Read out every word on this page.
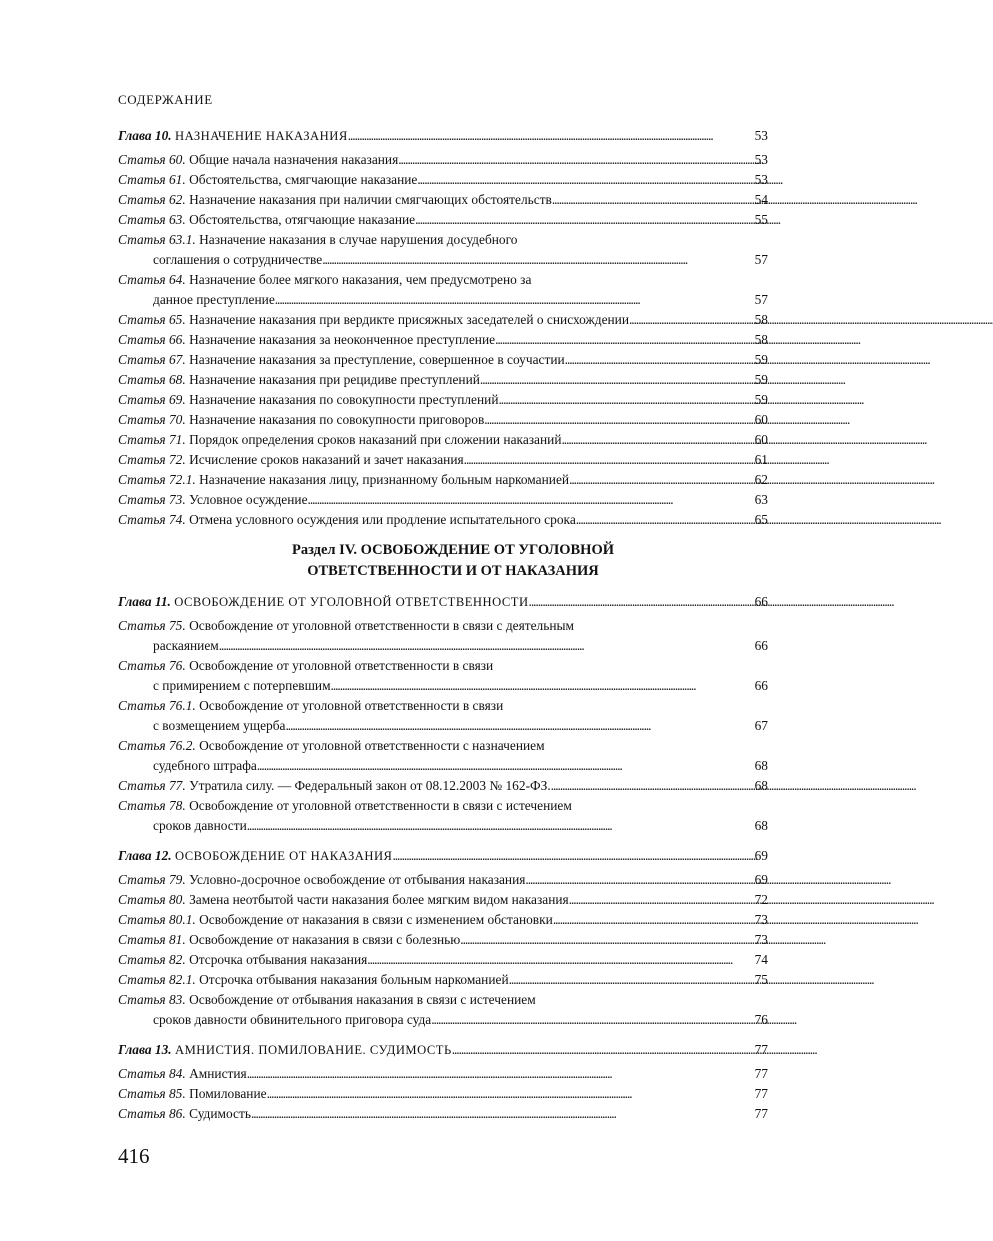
СОДЕРЖАНИЕ
Глава 10. НАЗНАЧЕНИЕ НАКАЗАНИЯ . . .	53
Статья 60. Общие начала назначения наказания . . .	53
Статья 61. Обстоятельства, смягчающие наказание . . .	53
Статья 62. Назначение наказания при наличии смягчающих обстоятельств . . .	54
Статья 63. Обстоятельства, отягчающие наказание . . .	55
Статья 63.1. Назначение наказания в случае нарушения досудебного
соглашения о сотрудничестве . . .	57
Статья 64. Назначение более мягкого наказания, чем предусмотрено за
данное преступление . . .	57
Статья 65. Назначение наказания при вердикте присяжных заседателей о снисхождении . . .	58
Статья 66. Назначение наказания за неоконченное преступление . . .	58
Статья 67. Назначение наказания за преступление, совершенное в соучастии . . .	59
Статья 68. Назначение наказания при рецидиве преступлений . . .	59
Статья 69. Назначение наказания по совокупности преступлений . . .	59
Статья 70. Назначение наказания по совокупности приговоров . . .	60
Статья 71. Порядок определения сроков наказаний при сложении наказаний . . .	60
Статья 72. Исчисление сроков наказаний и зачет наказания . . .	61
Статья 72.1. Назначение наказания лицу, признанному больным наркоманией . . .	62
Статья 73. Условное осуждение . . .	63
Статья 74. Отмена условного осуждения или продление испытательного срока . . .	65
Раздел IV. ОСВОБОЖДЕНИЕ ОТ УГОЛОВНОЙ
ОТВЕТСТВЕННОСТИ И ОТ НАКАЗАНИЯ
Глава 11. ОСВОБОЖДЕНИЕ ОТ УГОЛОВНОЙ ОТВЕТСТВЕННОСТИ . . .	66
Статья 75. Освобождение от уголовной ответственности в связи с деятельным
раскаянием . . .	66
Статья 76. Освобождение от уголовной ответственности в связи
с примирением с потерпевшим . . .	66
Статья 76.1. Освобождение от уголовной ответственности в связи
с возмещением ущерба . . .	67
Статья 76.2. Освобождение от уголовной ответственности с назначением
судебного штрафа . . .	68
Статья 77. Утратила силу. — Федеральный закон от 08.12.2003 № 162-ФЗ. . . .	68
Статья 78. Освобождение от уголовной ответственности в связи с истечением
сроков давности . . .	68
Глава 12. ОСВОБОЖДЕНИЕ ОТ НАКАЗАНИЯ . . .	69
Статья 79. Условно-досрочное освобождение от отбывания наказания . . .	69
Статья 80. Замена неотбытой части наказания более мягким видом наказания . . .	72
Статья 80.1. Освобождение от наказания в связи с изменением обстановки . . .	73
Статья 81. Освобождение от наказания в связи с болезнью . . .	73
Статья 82. Отсрочка отбывания наказания . . .	74
Статья 82.1. Отсрочка отбывания наказания больным наркоманией . . .	75
Статья 83. Освобождение от отбывания наказания в связи с истечением
сроков давности обвинительного приговора суда . . .	76
Глава 13. АМНИСТИЯ. ПОМИЛОВАНИЕ. СУДИМОСТЬ . . .	77
Статья 84. Амнистия . . .	77
Статья 85. Помилование . . .	77
Статья 86. Судимость . . .	77
416
